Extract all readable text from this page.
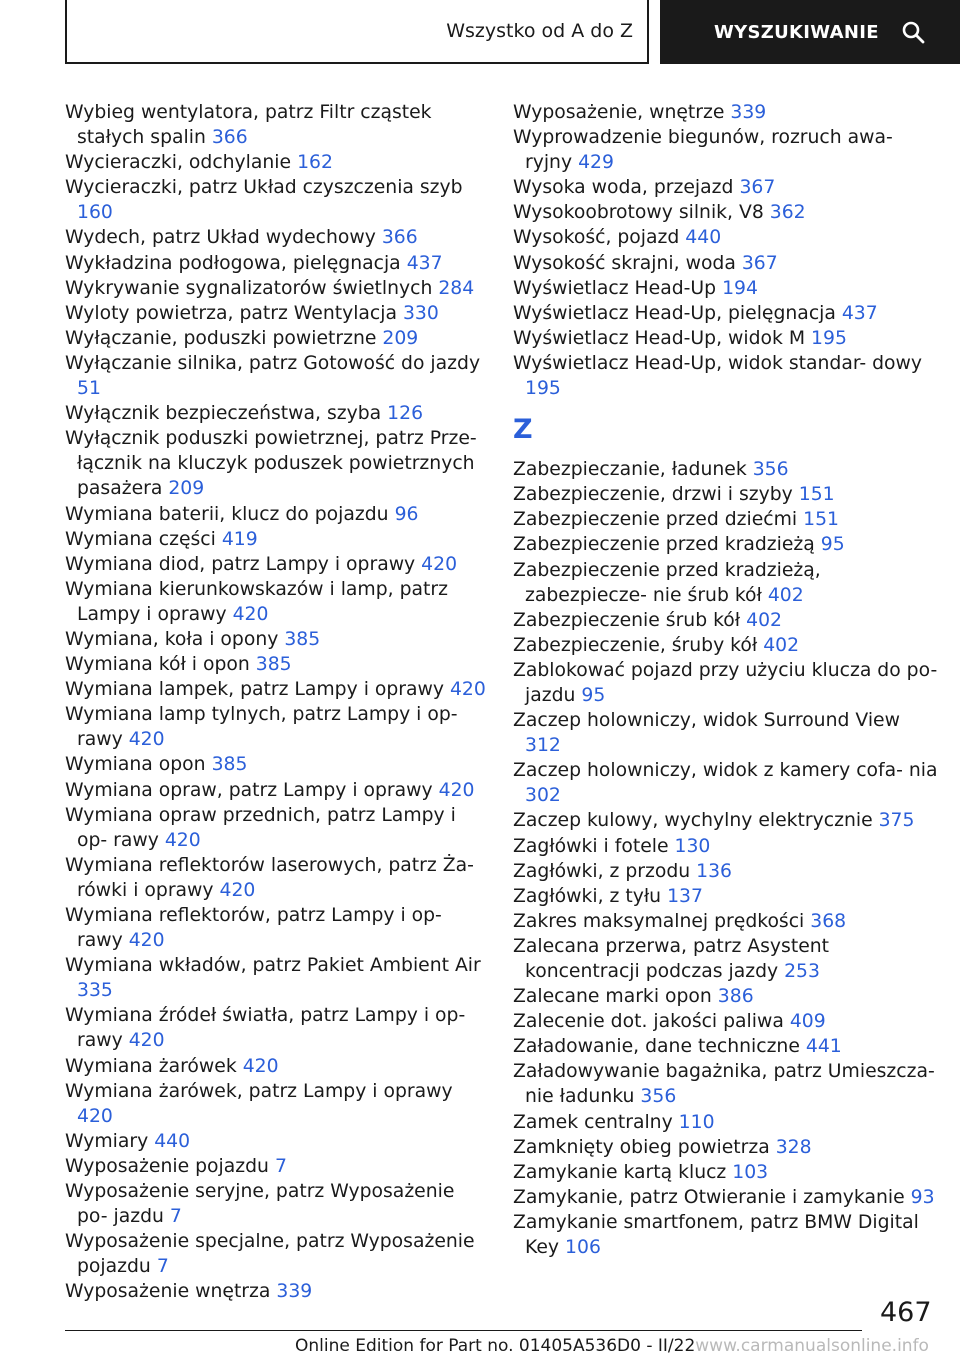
Wszystko od A do Z	WYSZUKIWANIE
Wybieg wentylatora, patrz Filtr cząstek stałych spalin 366
Wycieraczki, odchylanie 162
Wycieraczki, patrz Układ czyszczenia szyb 160
Wydech, patrz Układ wydechowy 366
Wykładzina podłogowa, pielęgnacja 437
Wykrywanie sygnalizatorów świetlnych 284
Wyloty powietrza, patrz Wentylacja 330
Wyłączanie, poduszki powietrzne 209
Wyłączanie silnika, patrz Gotowość do jazdy 51
Wyłącznik bezpieczeństwa, szyba 126
Wyłącznik poduszki powietrznej, patrz Prze- łącznik na kluczyk poduszek powietrznych pasażera 209
Wymiana baterii, klucz do pojazdu 96
Wymiana części 419
Wymiana diod, patrz Lampy i oprawy 420
Wymiana kierunkowskazów i lamp, patrz Lampy i oprawy 420
Wymiana, koła i opony 385
Wymiana kół i opon 385
Wymiana lampek, patrz Lampy i oprawy 420
Wymiana lamp tylnych, patrz Lampy i op- rawy 420
Wymiana opon 385
Wymiana opraw, patrz Lampy i oprawy 420
Wymiana opraw przednich, patrz Lampy i op- rawy 420
Wymiana reflektorów laserowych, patrz Ża- rówki i oprawy 420
Wymiana reflektorów, patrz Lampy i op- rawy 420
Wymiana wkładów, patrz Pakiet Ambient Air 335
Wymiana źródeł światła, patrz Lampy i op- rawy 420
Wymiana żarówek 420
Wymiana żarówek, patrz Lampy i oprawy 420
Wymiary 440
Wyposażenie pojazdu 7
Wyposażenie seryjne, patrz Wyposażenie po- jazdu 7
Wyposażenie specjalne, patrz Wyposażenie pojazdu 7
Wyposażenie wnętrza 339
Wyposażenie, wnętrze 339
Wyprowadzenie biegunów, rozruch awa- ryjny 429
Wysoka woda, przejazd 367
Wysokoobrotowy silnik, V8 362
Wysokość, pojazd 440
Wysokość skrajni, woda 367
Wyświetlacz Head-Up 194
Wyświetlacz Head-Up, pielęgnacja 437
Wyświetlacz Head-Up, widok M 195
Wyświetlacz Head-Up, widok standar- dowy 195
Z
Zabezpieczanie, ładunek 356
Zabezpieczenie, drzwi i szyby 151
Zabezpieczenie przed dziećmi 151
Zabezpieczenie przed kradzieżą 95
Zabezpieczenie przed kradzieżą, zabezpiecze- nie śrub kół 402
Zabezpieczenie śrub kół 402
Zabezpieczenie, śruby kół 402
Zablokować pojazd przy użyciu klucza do po- jazdu 95
Zaczep holowniczy, widok Surround View 312
Zaczep holowniczy, widok z kamery cofa- nia 302
Zaczep kulowy, wychylny elektrycznie 375
Zagłówki i fotele 130
Zagłówki, z przodu 136
Zagłówki, z tyłu 137
Zakres maksymalnej prędkości 368
Zalecana przerwa, patrz Asystent koncentracji podczas jazdy 253
Zalecane marki opon 386
Zalecenie dot. jakości paliwa 409
Załadowanie, dane techniczne 441
Załadowywanie bagażnika, patrz Umieszcza- nie ładunku 356
Zamek centralny 110
Zamknięty obieg powietrza 328
Zamykanie kartą klucz 103
Zamykanie, patrz Otwieranie i zamykanie 93
Zamykanie smartfonem, patrz BMW Digital Key 106
467
Online Edition for Part no. 01405A536D0 - II/22www.carmanualsonline.info
